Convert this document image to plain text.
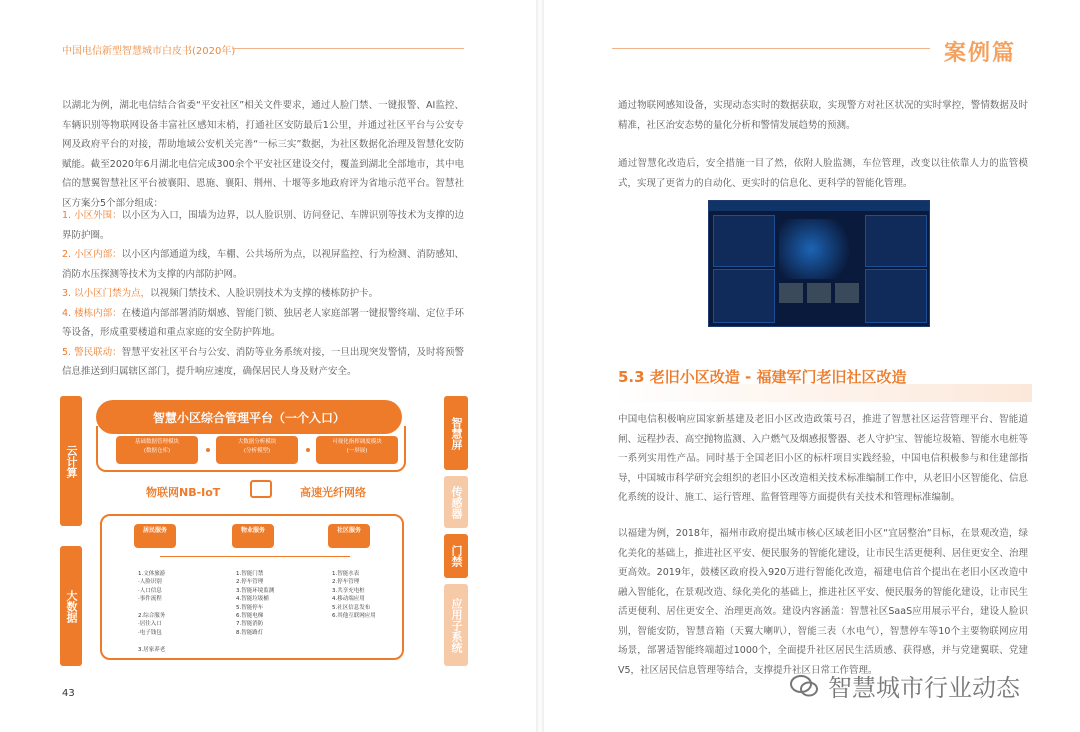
中国电信新型智慧城市白皮书(2020年)
以湖北为例，湖北电信结合省委“平安社区”相关文件要求，通过人脸门禁、一键报警、AI监控、车辆识别等物联网设备丰富社区感知末梢，打通社区安防最后1公里，并通过社区平台与公安专网及政府平台的对接，帮助地域公安机关完善“一标三实”数据，为社区数据化治理及智慧化安防赋能。截至2020年6月湖北电信完成300余个平安社区建设交付，覆盖到湖北全部地市，其中电信的慧翼智慧社区平台被襄阳、恩施、襄阳、荆州、十堰等多地政府评为省地示范平台。智慧社区方案分5个部分组成：

1. 小区外围：以小区为入口，围墙为边界，以人脸识别、访问登记、车牌识别等技术为支撑的边界防护圈。

2. 小区内部：以小区内部通道为线，车棚、公共场所为点，以视屏监控、行为检测、消防感知、消防水压探测等技术为支撑的内部防护网。

3. 以小区门禁为点，以视频门禁技术、人脸识别技术为支撑的楼栋防护卡。

4. 楼栋内部：在楼道内部部署消防烟感、智能门锁、独居老人家庭部署一键报警终端、定位手环等设备，形成重要楼道和重点家庭的安全防护阵地。

5. 警民联动：智慧平安社区平台与公安、消防等业务系统对接，一旦出现突发警情，及时将预警信息推送到归属辖区部门，提升响应速度，确保居民人身及财产安全。

云计算
大数据
智慧屏
传感器
门禁
应用子系统
智慧小区综合管理平台（一个入口）
基础数据管理模块
(数据仓库)
大数据分析模块
(分析模型)
可视化指挥调度模块
(一屏展)
物联网NB-IoT	高速光纤网络
居民服务	物业服务	社区服务
1.文体旅游
·人脸识别
·人口信息
·事件流程
2.综合服务
·居住入口
·电子钱包
3.居家养老
1.智能门禁
2.停车管理
3.智能环境监测
4.智能垃圾桶
5.智能停车
6.智能电梯
7.智能消防
8.智能路灯
1.智能水表
2.停车管理
3.共享充电桩
4.移动端应用
5.社区信息发布
6.其他互联网应用
43
案例篇
通过物联网感知设备，实现动态实时的数据获取，实现警方对社区状况的实时掌控，警情数据及时精准，社区治安态势的量化分析和警情发展趋势的预测。
通过智慧化改造后，安全措施一目了然，依附人脸监测，车位管理，改变以往依靠人力的监管模式，实现了更省力的自动化、更实时的信息化、更科学的智能化管理。
5.3 老旧小区改造 - 福建军门老旧社区改造
中国电信积极响应国家新基建及老旧小区改造政策号召，推进了智慧社区运营管理平台、智能道闸、远程抄表、高空抛物监测、入户燃气及烟感报警器、老人守护宝、智能垃圾箱、智能水电桩等一系列实用性产品。同时基于全国老旧小区的标杆项目实践经验，中国电信积极参与和住建部指导，中国城市科学研究会组织的老旧小区改造相关技术标准编制工作中，从老旧小区智能化、信息化系统的设计、施工、运行管理、监督管理等方面提供有关技术和管理标准编制。
以福建为例，2018年，福州市政府提出城市核心区域老旧小区“宜居整治”目标，在景观改造，绿化美化的基础上，推进社区平安、便民服务的智能化建设，让市民生活更便利、居住更安全、治理更高效。2019年，鼓楼区政府投入920万进行智能化改造，福建电信首个提出在老旧小区改造中融入智能化，在景观改造、绿化美化的基础上，推进社区平安、便民服务的智能化建设，让市民生活更便利、居住更安全、治理更高效。建设内容涵盖：智慧社区SaaS应用展示平台，建设人脸识别，智能安防，智慧音箱（天翼大喇叭），智能三表（水电气），智慧停车等10个主要物联网应用场景，部署适智能终端超过1000个，全面提升社区居民生活质感、获得感，并与党建翼联、党建V5，社区居民信息管理等结合，支撑提升社区日常工作管理。
智慧城市行业动态
